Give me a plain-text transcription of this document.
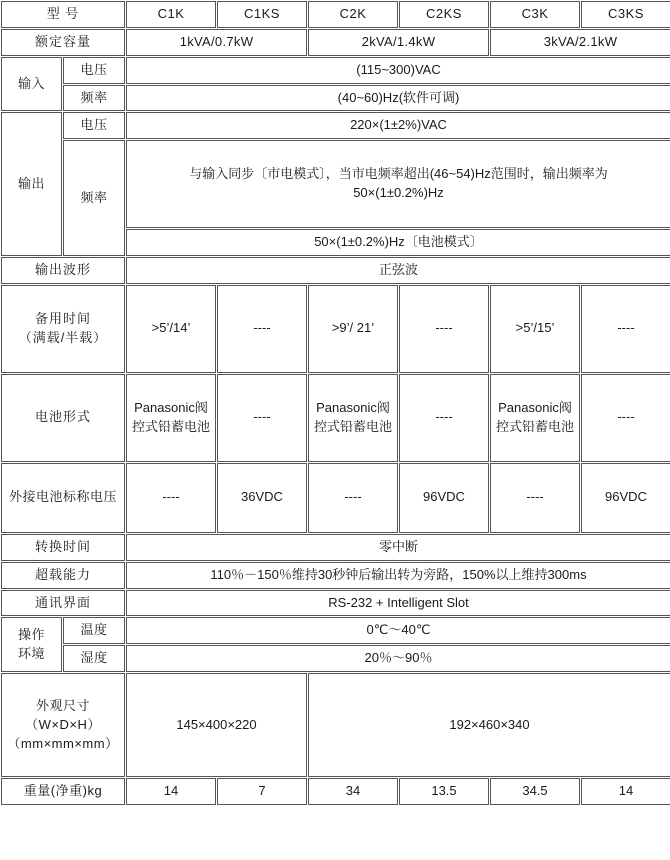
型 号		C1K	C1KS	C2K	C2KS	C3K	C3KS
额定容量		1kVA/0.7kW		2kVA/1.4kW		3kVA/2.1kW	
输入	电压	(115~300)VAC					
	频率	(40~60)Hz(软件可调)					
输出	电压	220×(1±2%)VAC					
	频率	与输入同步〔市电模式〕，当市电频率超出(46~54)Hz范围时，输出频率为
50×(1±0.2%)Hz					

		50×(1±0.2%)Hz〔电池模式〕					
输出波形		正弦波					

备用时间
（满载/半载）		>5’/14’	----	>9’/ 21’	----	>5’/15’	----
电池形式		Panasonic阀控式铅蓄电池	----	Panasonic阀控式铅蓄电池	----	Panasonic阀控式铅蓄电池	----
外接电池标称电压		----	36VDC	----	96VDC	----	96VDC
转换时间		零中断					
超载能力		110％－150％维持30秒钟后输出转为旁路，150%以上维持300ms					
通讯界面		RS-232 + Intelligent Slot					

操作
环境	温度	0℃～40℃					
	湿度	20％～90％					

外观尺寸
（W×D×H）
（mm×mm×mm）		145×400×220		192×460×340			
重量(净重)kg		14	7	34	13.5	34.5	14
